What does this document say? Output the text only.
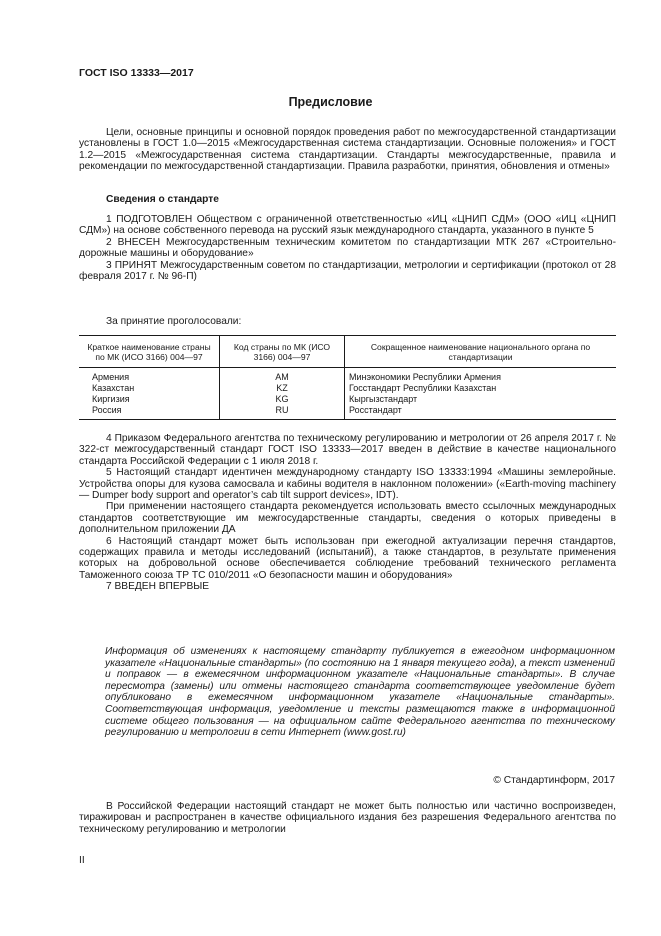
ГОСТ ISO 13333—2017
Предисловие

Цели, основные принципы и основной порядок проведения работ по межгосударственной стандартизации установлены в ГОСТ 1.0—2015 «Межгосударственная система стандартизации. Основные положения» и ГОСТ 1.2—2015 «Межгосударственная система стандартизации. Стандарты межгосударственные, правила и рекомендации по межгосударственной стандартизации. Правила разработки, принятия, обновления и отмены»

Сведения о стандарте

1 ПОДГОТОВЛЕН Обществом с ограниченной ответственностью «ИЦ «ЦНИП СДМ» (ООО «ИЦ «ЦНИП СДМ») на основе собственного перевода на русский язык международного стандарта, указанного в пункте 5

2 ВНЕСЕН Межгосударственным техническим комитетом по стандартизации МТК 267 «Строительно-дорожные машины и оборудование»

3 ПРИНЯТ Межгосударственным советом по стандартизации, метрологии и сертификации (протокол от 28 февраля 2017 г. № 96-П)

За принятие проголосовали:
Краткое наименование страны по МК (ИСО 3166) 004—97	Код страны по МК (ИСО 3166) 004—97	Сокращенное наименование национального органа по стандартизации
Армения	AM	Минэкономики Республики Армения
Казахстан	KZ	Госстандарт Республики Казахстан
Киргизия	KG	Кыргызстандарт
Россия	RU	Росстандарт

4 Приказом Федерального агентства по техническому регулированию и метрологии от 26 апреля 2017 г. № 322-ст межгосударственный стандарт ГОСТ ISO 13333—2017 введен в действие в качестве национального стандарта Российской Федерации с 1 июля 2018 г.

5 Настоящий стандарт идентичен международному стандарту ISO 13333:1994 «Машины землеройные. Устройства опоры для кузова самосвала и кабины водителя в наклонном положении» («Earth-moving machinery — Dumper body support and operator’s cab tilt support devices», IDT).

При применении настоящего стандарта рекомендуется использовать вместо ссылочных международных стандартов соответствующие им межгосударственные стандарты, сведения о которых приведены в дополнительном приложении ДА

6 Настоящий стандарт может быть использован при ежегодной актуализации перечня стандартов, содержащих правила и методы исследований (испытаний), а также стандартов, в результате применения которых на добровольной основе обеспечивается соблюдение требований технического регламента Таможенного союза ТР ТС 010/2011 «О безопасности машин и оборудования»

7 ВВЕДЕН ВПЕРВЫЕ

Информация об изменениях к настоящему стандарту публикуется в ежегодном информационном указателе «Национальные стандарты» (по состоянию на 1 января текущего года), а текст изменений и поправок — в ежемесячном информационном указателе «Национальные стандарты». В случае пересмотра (замены) или отмены настоящего стандарта соответствующее уведомление будет опубликовано в ежемесячном информационном указателе «Национальные стандарты». Соответствующая информация, уведомление и тексты размещаются также в информационной системе общего пользования — на официальном сайте Федерального агентства по техническому регулированию и метрологии в сети Интернет (www.gost.ru)

© Стандартинформ, 2017

В Российской Федерации настоящий стандарт не может быть полностью или частично воспроизведен, тиражирован и распространен в качестве официального издания без разрешения Федерального агентства по техническому регулированию и метрологии

II
